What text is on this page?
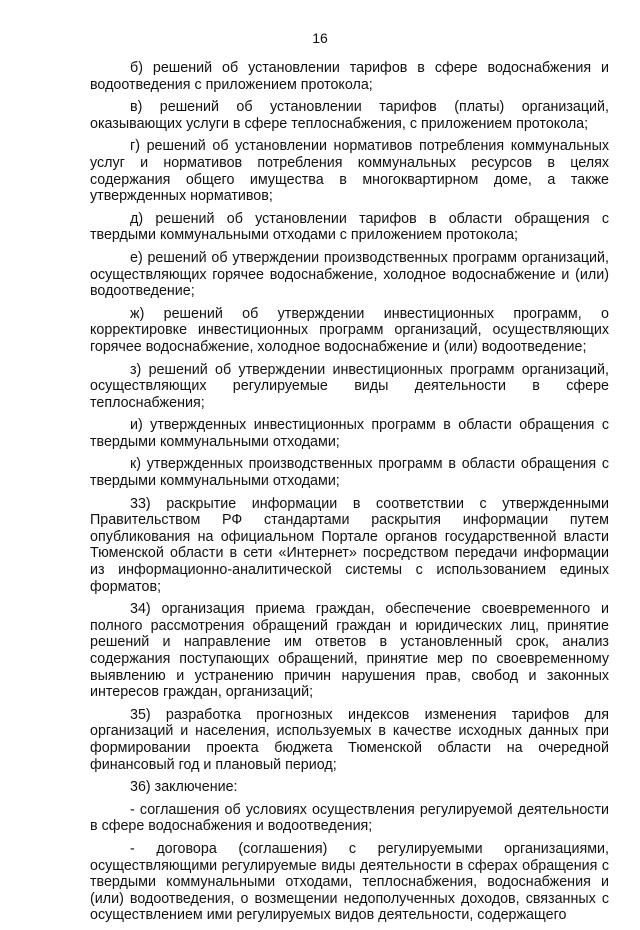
16

б) решений об установлении тарифов в сфере водоснабжения и водоотведения с приложением протокола;

в) решений об установлении тарифов (платы) организаций, оказывающих услуги в сфере теплоснабжения, с приложением протокола;

г) решений об установлении нормативов потребления коммунальных услуг и нормативов потребления коммунальных ресурсов в целях содержания общего имущества в многоквартирном доме, а также утвержденных нормативов;

д) решений об установлении тарифов в области обращения с твердыми коммунальными отходами с приложением протокола;

е) решений об утверждении производственных программ организаций, осуществляющих горячее водоснабжение, холодное водоснабжение и (или) водоотведение;

ж) решений об утверждении инвестиционных программ, о корректировке инвестиционных программ организаций, осуществляющих горячее водоснабжение, холодное водоснабжение и (или) водоотведение;

з) решений об утверждении инвестиционных программ организаций, осуществляющих регулируемые виды деятельности в сфере теплоснабжения;

и) утвержденных инвестиционных программ в области обращения с твердыми коммунальными отходами;

к) утвержденных производственных программ в области обращения с твердыми коммунальными отходами;

33) раскрытие информации в соответствии с утвержденными Правительством РФ стандартами раскрытия информации путем опубликования на официальном Портале органов государственной власти Тюменской области в сети «Интернет» посредством передачи информации из информационно-аналитической системы с использованием единых форматов;

34) организация приема граждан, обеспечение своевременного и полного рассмотрения обращений граждан и юридических лиц, принятие решений и направление им ответов в установленный срок, анализ содержания поступающих обращений, принятие мер по своевременному выявлению и устранению причин нарушения прав, свобод и законных интересов граждан, организаций;

35) разработка прогнозных индексов изменения тарифов для организаций и населения, используемых в качестве исходных данных при формировании проекта бюджета Тюменской области на очередной финансовый год и плановый период;

36) заключение:

- соглашения об условиях осуществления регулируемой деятельности в сфере водоснабжения и водоотведения;

- договора (соглашения) с регулируемыми организациями, осуществляющими регулируемые виды деятельности в сферах обращения с твердыми коммунальными отходами, теплоснабжения, водоснабжения и (или) водоотведения, о возмещении недополученных доходов, связанных с осуществлением ими регулируемых видов деятельности, содержащего
